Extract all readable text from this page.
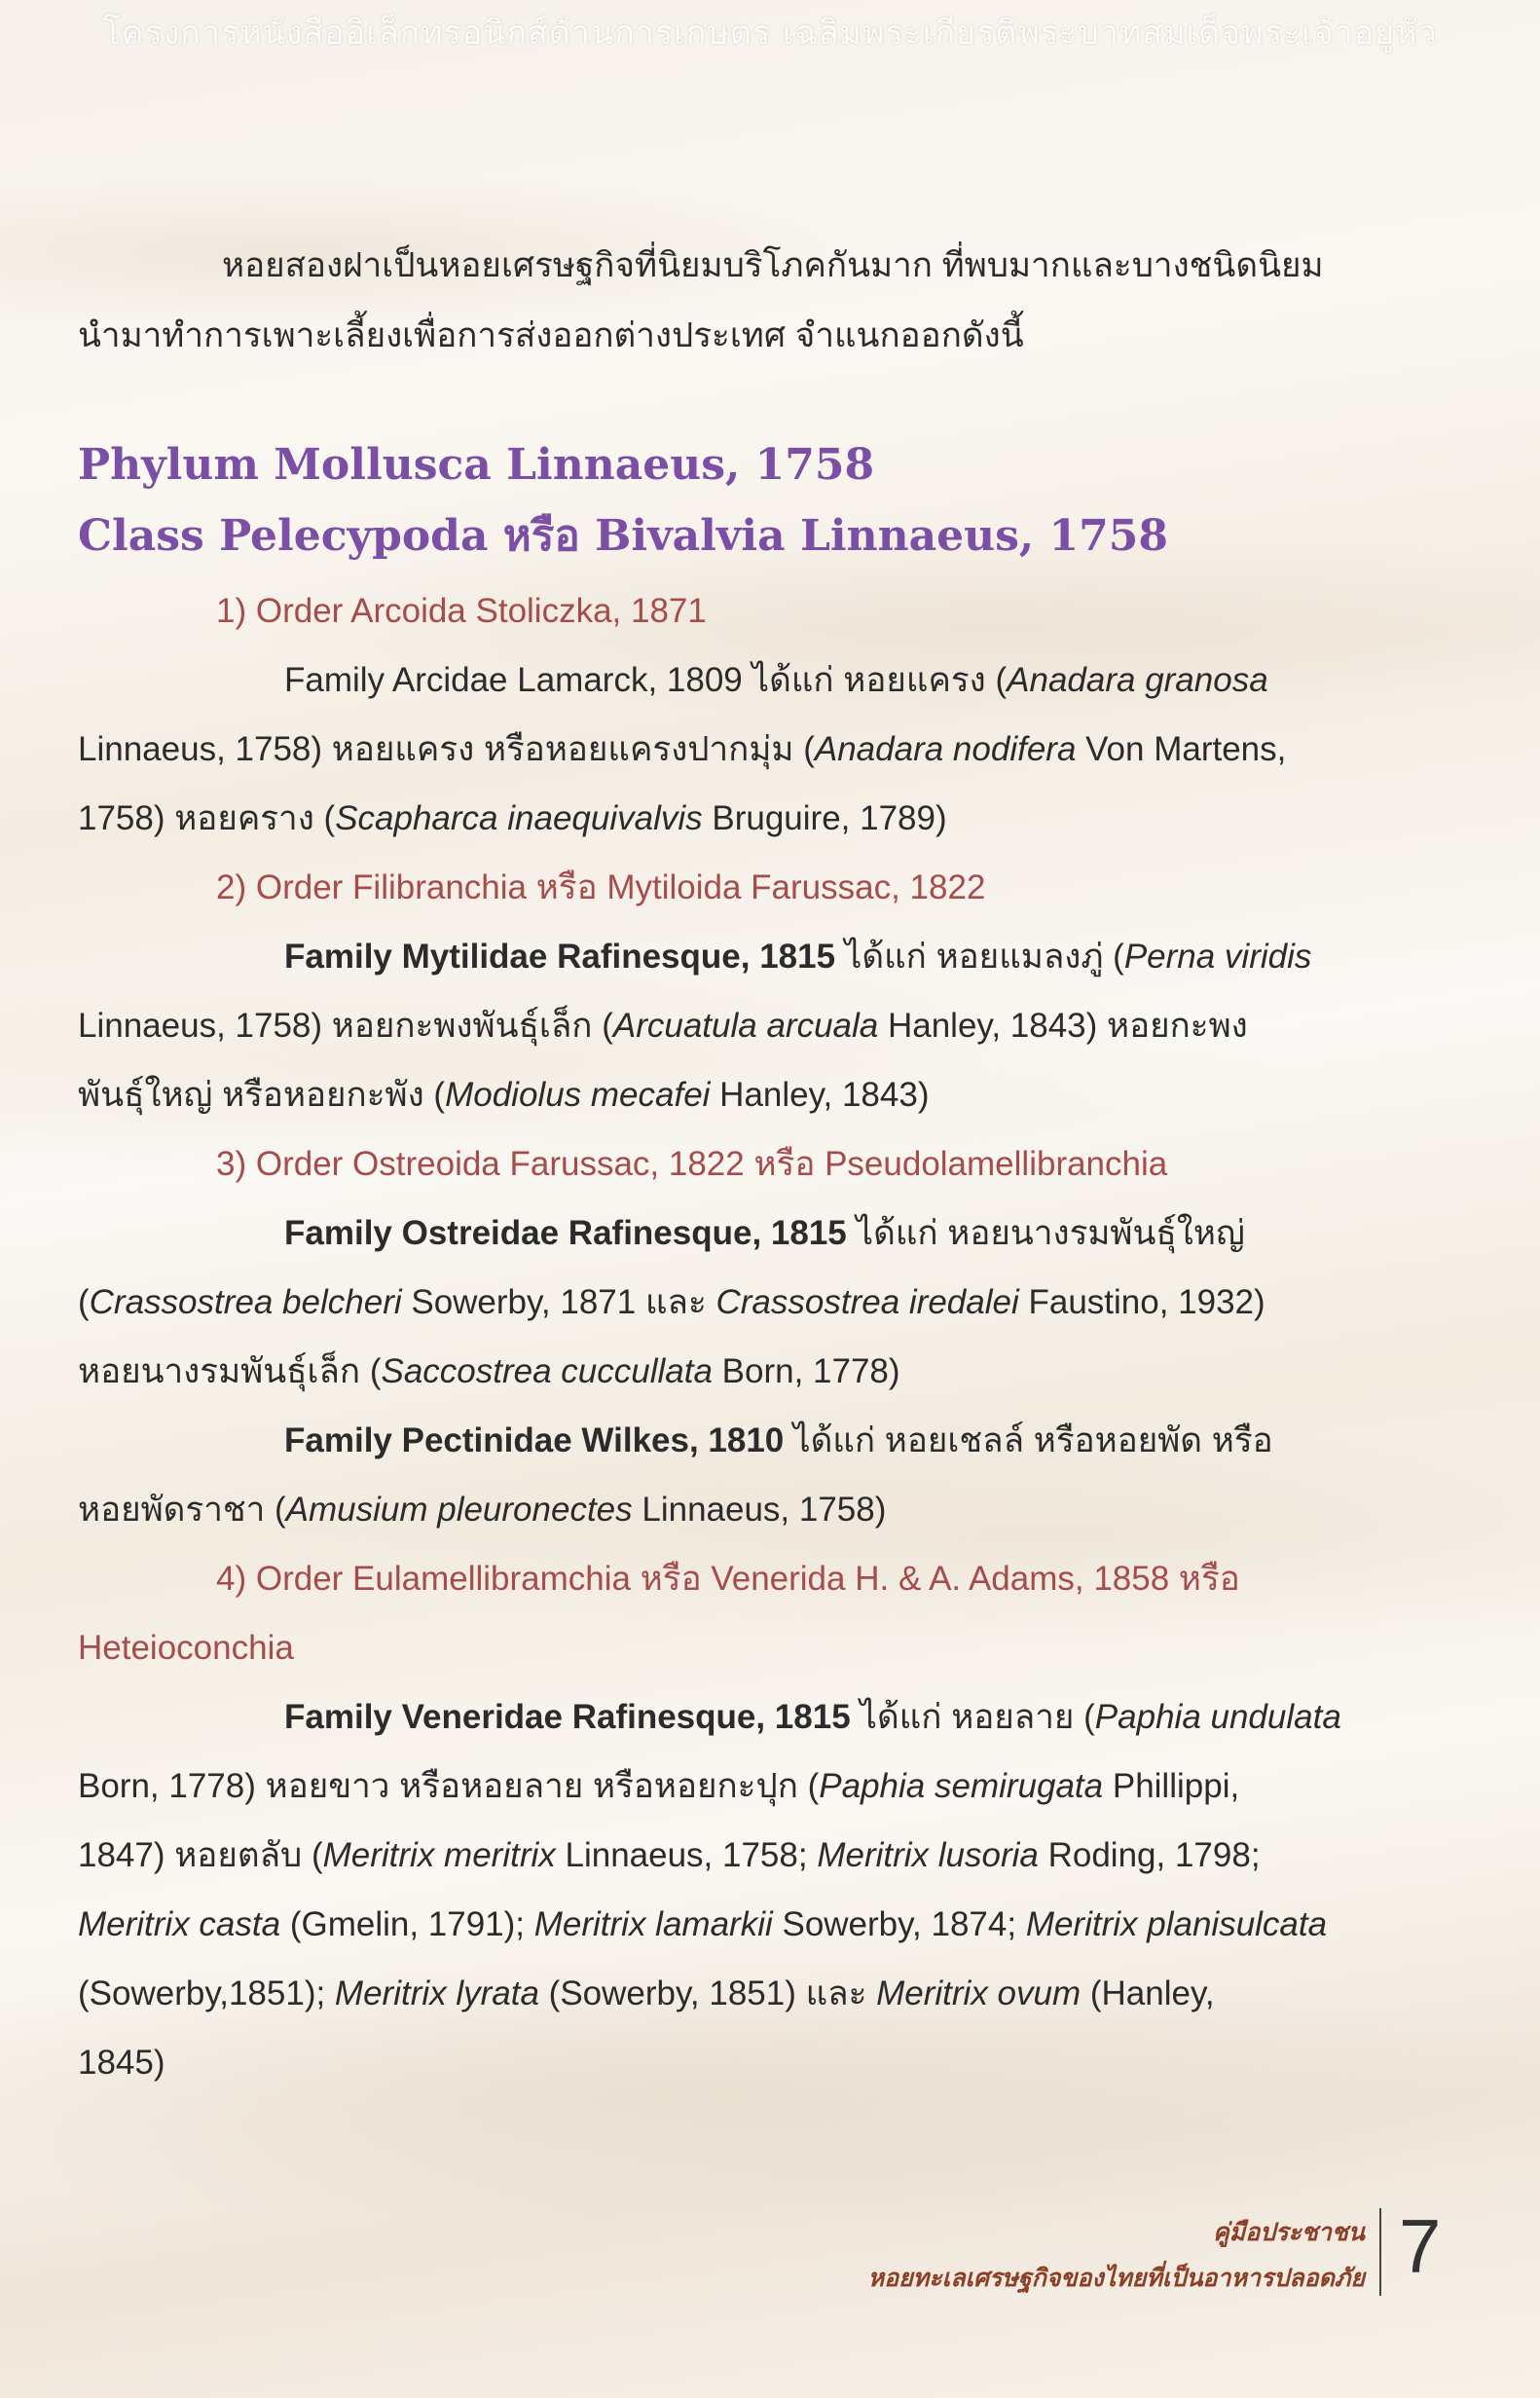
โครงการหนังสืออิเล็กทรอนิกส์ด้านการเกษตร เฉลิมพระเกียรติพระบาทสมเด็จพระเจ้าอยู่หัว
หอยสองฝาเป็นหอยเศรษฐกิจที่นิยมบริโภคกันมาก ที่พบมากและบางชนิดนิยม
นำมาทำการเพาะเลี้ยงเพื่อการส่งออกต่างประเทศ จำแนกออกดังนี้
Phylum Mollusca Linnaeus, 1758
Class Pelecypoda หรือ Bivalvia Linnaeus, 1758
1) Order Arcoida Stoliczka, 1871
Family Arcidae Lamarck, 1809 ได้แก่ หอยแครง (Anadara granosa
Linnaeus, 1758) หอยแครง หรือหอยแครงปากมุ่ม (Anadara nodifera Von Martens,
1758) หอยคราง (Scapharca inaequivalvis Bruguire, 1789)
2) Order Filibranchia หรือ Mytiloida Farussac, 1822
Family Mytilidae Rafinesque, 1815 ได้แก่ หอยแมลงภู่ (Perna viridis
Linnaeus, 1758) หอยกะพงพันธุ์เล็ก (Arcuatula arcuala Hanley, 1843) หอยกะพง
พันธุ์ใหญ่ หรือหอยกะพัง (Modiolus mecafei Hanley, 1843)
3) Order Ostreoida Farussac, 1822 หรือ Pseudolamellibranchia
Family Ostreidae Rafinesque, 1815 ได้แก่ หอยนางรมพันธุ์ใหญ่
(Crassostrea belcheri Sowerby, 1871 และ Crassostrea iredalei Faustino, 1932)
หอยนางรมพันธุ์เล็ก (Saccostrea cuccullata Born, 1778)
Family Pectinidae Wilkes, 1810 ได้แก่ หอยเชลล์ หรือหอยพัด หรือ
หอยพัดราชา (Amusium pleuronectes Linnaeus, 1758)
4) Order Eulamellibramchia หรือ Venerida H. & A. Adams, 1858 หรือ
Heteioconchia
Family Veneridae Rafinesque, 1815 ได้แก่ หอยลาย (Paphia undulata
Born, 1778) หอยขาว หรือหอยลาย หรือหอยกะปุก (Paphia semirugata Phillippi,
1847) หอยตลับ (Meritrix meritrix Linnaeus, 1758; Meritrix lusoria Roding, 1798;
Meritrix casta (Gmelin, 1791); Meritrix lamarkii Sowerby, 1874; Meritrix planisulcata
(Sowerby,1851); Meritrix lyrata (Sowerby, 1851) และ Meritrix ovum (Hanley,
1845)
คู่มือประชาชน
หอยทะเลเศรษฐกิจของไทยที่เป็นอาหารปลอดภัย 7
